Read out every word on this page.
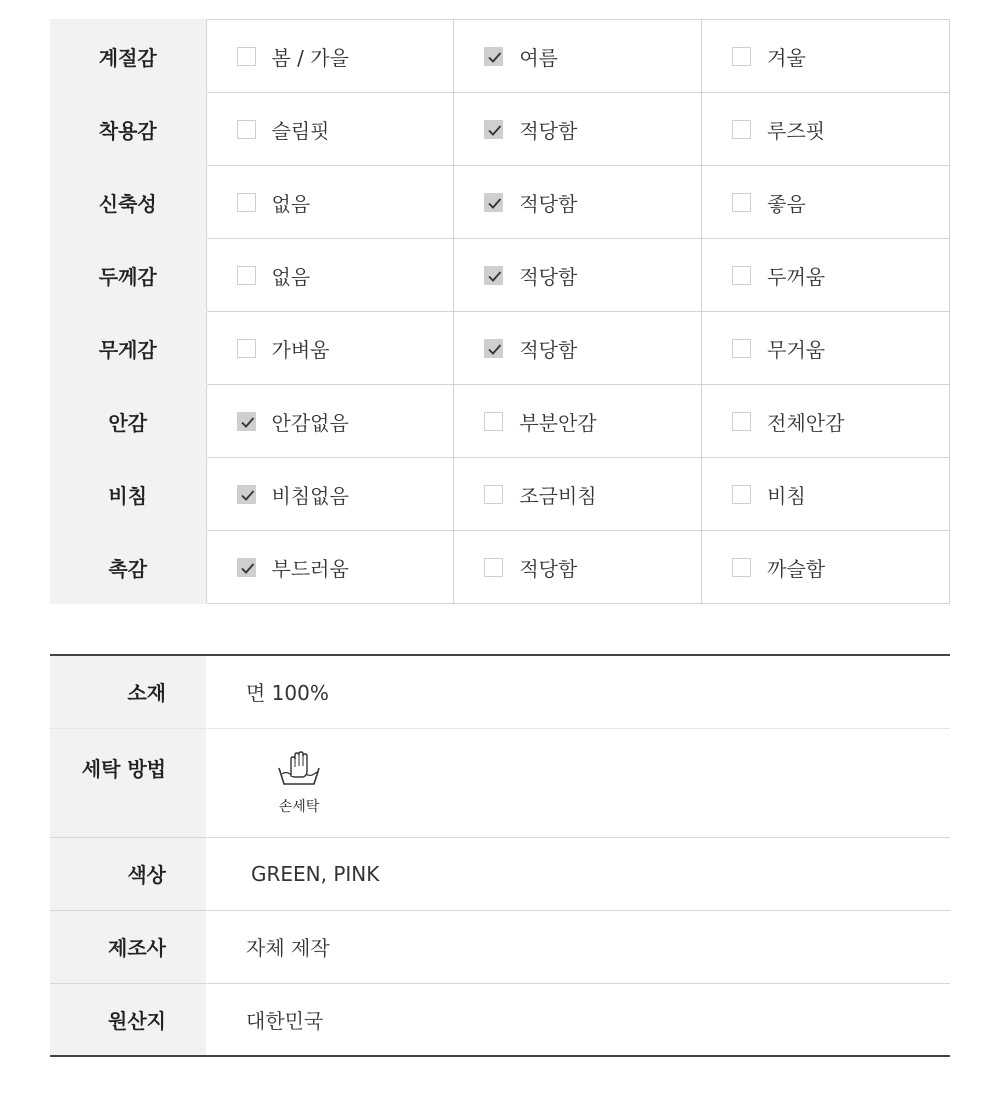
계절감	봄 / 가을	여름	겨울

착용감	슬림핏	적당함	루즈핏

신축성	없음	적당함	좋음

두께감	없음	적당함	두꺼움

무게감	가벼움	적당함	무거움

안감	안감없음	부분안감	전체안감

비침	비침없음	조금비침	비침

촉감	부드러움	적당함	까슬함
소재	면 100%
세탁 방법	손세탁

색상	GREEN, PINK
제조사	자체 제작
원산지	대한민국
